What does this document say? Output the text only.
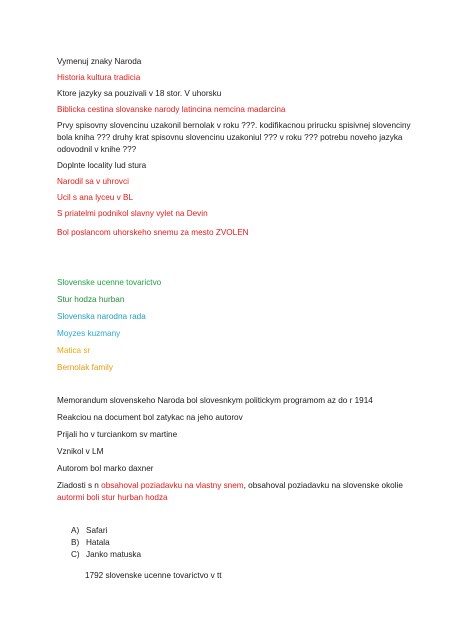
Vymenuj znaky Naroda
Historia kultura tradicia
Ktore jazyky sa pouzivali v 18 stor. V uhorsku
Biblicka cestina slovanske narody latincina nemcina madarcina
Prvy spisovny slovencinu uzakonil bernolak v roku ???. kodifikacnou prirucku spisivnej slovenciny
bola kniha ??? druhy krat spisovnu slovencinu uzakoniul ??? v roku ??? potrebu noveho jazyka
odovodnil v knihe ???
Doplnte locality lud stura
Narodil sa v uhrovci
Ucil s ana lyceu v BL
S priatelmi podnikol slavny vylet na Devin
Bol poslancom uhorskeho snemu za mesto ZVOLEN
Slovenske ucenne tovarictvo
Stur hodza hurban
Slovenska narodna rada
Moyzes kuzmany
Matica sr
Bernolak family
Memorandum slovenskeho Naroda bol slovesnkym politickym programom az do r 1914
Reakciou na document bol zatykac na jeho autorov
Prijali ho v turciankom sv martine
Vznikol v LM
Autorom bol marko daxner
Ziadosti s n obsahoval poziadavku na vlastny snem, obsahoval poziadavku na slovenske okolie
autormi boli stur hurban hodza
A) Safari
B) Hatala
C) Janko matuska
1792 slovenske ucenne tovarictvo v tt
